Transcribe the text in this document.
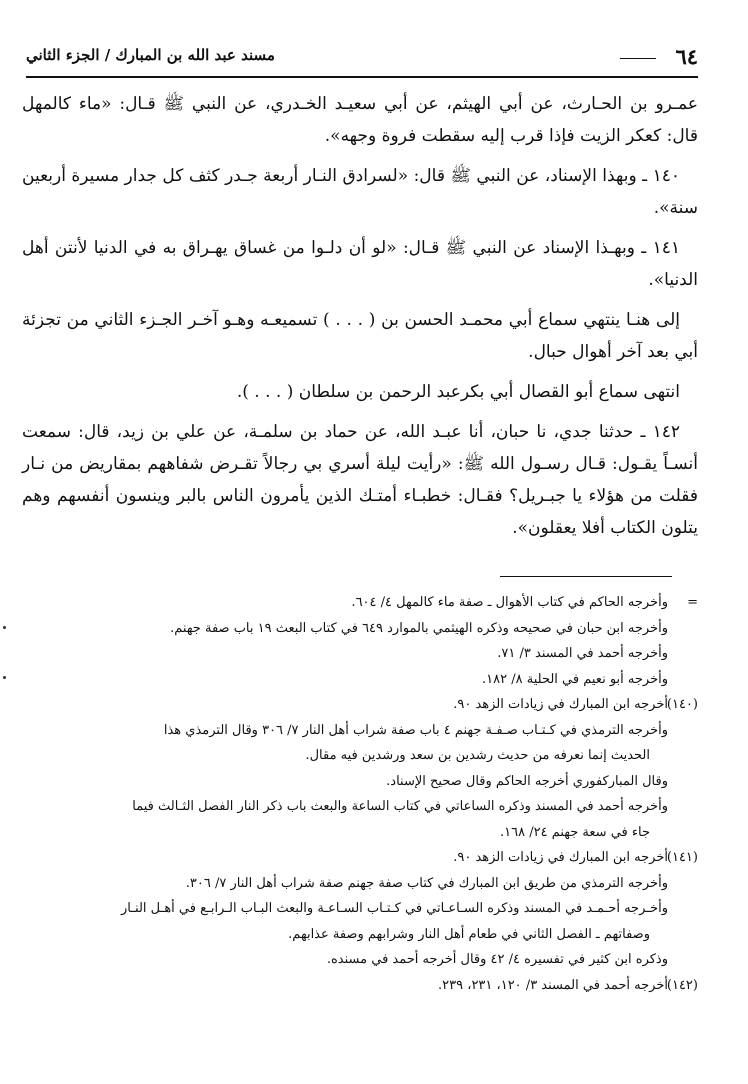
٦٤
مسند عبد الله بن المبارك / الجزء الثاني

عمـرو بن الحـارث، عن أبي الهيثم، عن أبي سعيـد الخـدري، عن النبي ﷺ قـال: «ماء كالمهل قال: كعكر الزيت فإذا قرب إليه سقطت فروة وجهه».

١٤٠ ـ وبهذا الإسناد، عن النبي ﷺ قال: «لسرادق النـار أربعة جـدر كثف كل جدار مسيرة أربعين سنة».

١٤١ ـ وبهـذا الإسناد عن النبي ﷺ قـال: «لو أن دلـوا من غساق يهـراق به في الدنيا لأنتن أهل الدنيا».

إلى هنـا ينتهي سماع أبي محمـد الحسن بن ( . . . ) تسميعـه وهـو آخـر الجـزء الثاني من تجزئة أبي بعد آخر أهوال حبال.

انتهى سماع أبو القصال أبي بكرعبد الرحمن بن سلطان ( . . . ).

١٤٢ ـ حدثنا جدي، نا حبان، أنا عبـد الله، عن حماد بن سلمـة، عن علي بن زيد، قال: سمعت أنسـاً يقـول: قـال رسـول الله ﷺ: «رأيت ليلة أسري بي رجالاً تقـرض شفاههم بمقاريض من نـار فقلت من هؤلاء يا جبـريل؟ فقـال: خطبـاء أمتـك الذين يأمرون الناس بالبر وينسون أنفسهم وهم يتلون الكتاب أفلا يعقلون».

=وأخرجه الحاكم في كتاب الأهوال ـ صفة ماء كالمهل ٤/ ٦٠٤.

وأخرجه ابن حبان في صحيحه وذكره الهيثمي بالموارد ٦٤٩ في كتاب البعث ١٩ باب صفة جهنم.

وأخرجه أحمد في المسند ٣/ ٧١.

وأخرجه أبو نعيم في الحلية ٨/ ١٨٢.

(١٤٠)أخرجه ابن المبارك في زيادات الزهد ٩٠.

وأخرجه الترمذي في كـتـاب صـفـة جهنم ٤ باب صفة شراب أهل النار ٧/ ٣٠٦ وقال الترمذي هذا

الحديث إنما نعرفه من حديث رشدين بن سعد ورشدين فيه مقال.

وقال المباركفوري أخرجه الحاكم وقال صحيح الإسناد.

وأخرجه أحمد في المسند وذكره الساعاتي في كتاب الساعة والبعث باب ذكر النار الفصل الثـالث فيما

جاء في سعة جهنم ٢٤/ ١٦٨.

(١٤١)أخرجه ابن المبارك في زيادات الزهد ٩٠.

وأخرجه الترمذي من طريق ابن المبارك في كتاب صفة جهنم صفة شراب أهل النار ٧/ ٣٠٦.

وأخـرجه أحـمـد في المسند وذكره السـاعـاتي في كـتـاب السـاعـة والبعث البـاب الـرابـع في أهـل النـار

وصفاتهم ـ الفصل الثاني في طعام أهل النار وشرابهم وصفة عذابهم.

وذكره ابن كثير في تفسيره ٤/ ٤٢ وقال أخرجه أحمد في مسنده.

(١٤٢)أخرجه أحمد في المسند ٣/ ١٢٠، ٢٣١، ٢٣٩.
